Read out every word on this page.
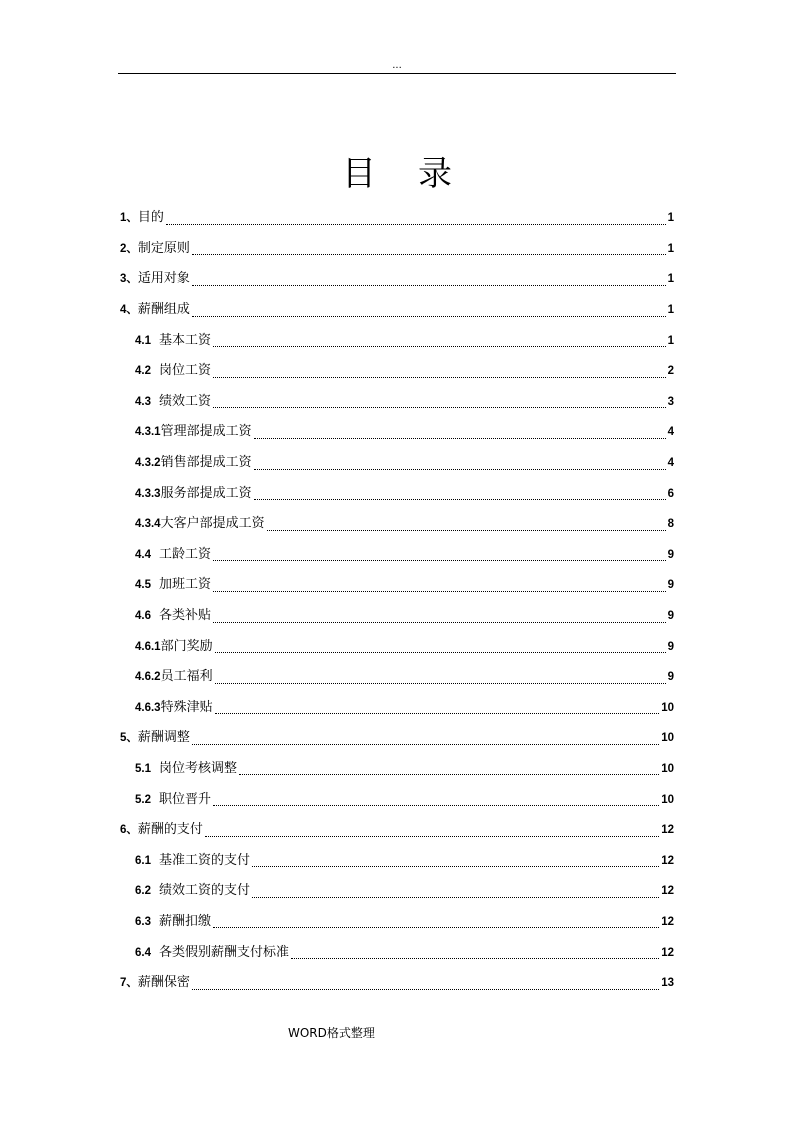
...
目录
1、 目的	1
2、 制定原则	1
3、 适用对象	1
4、 薪酬组成	1
4.1 基本工资	1
4.2 岗位工资	2
4.3 绩效工资	3
4.3.1 管理部提成工资	4
4.3.2 销售部提成工资	4
4.3.3 服务部提成工资	6
4.3.4 大客户部提成工资	8
4.4 工龄工资	9
4.5 加班工资	9
4.6 各类补贴	9
4.6.1 部门奖励	9
4.6.2 员工福利	9
4.6.3 特殊津贴	10
5、 薪酬调整	10
5.1 岗位考核调整	10
5.2 职位晋升	10
6、 薪酬的支付	12
6.1 基准工资的支付	12
6.2 绩效工资的支付	12
6.3 薪酬扣缴	12
6.4 各类假别薪酬支付标准	12
7、 薪酬保密	13
WORD格式整理
